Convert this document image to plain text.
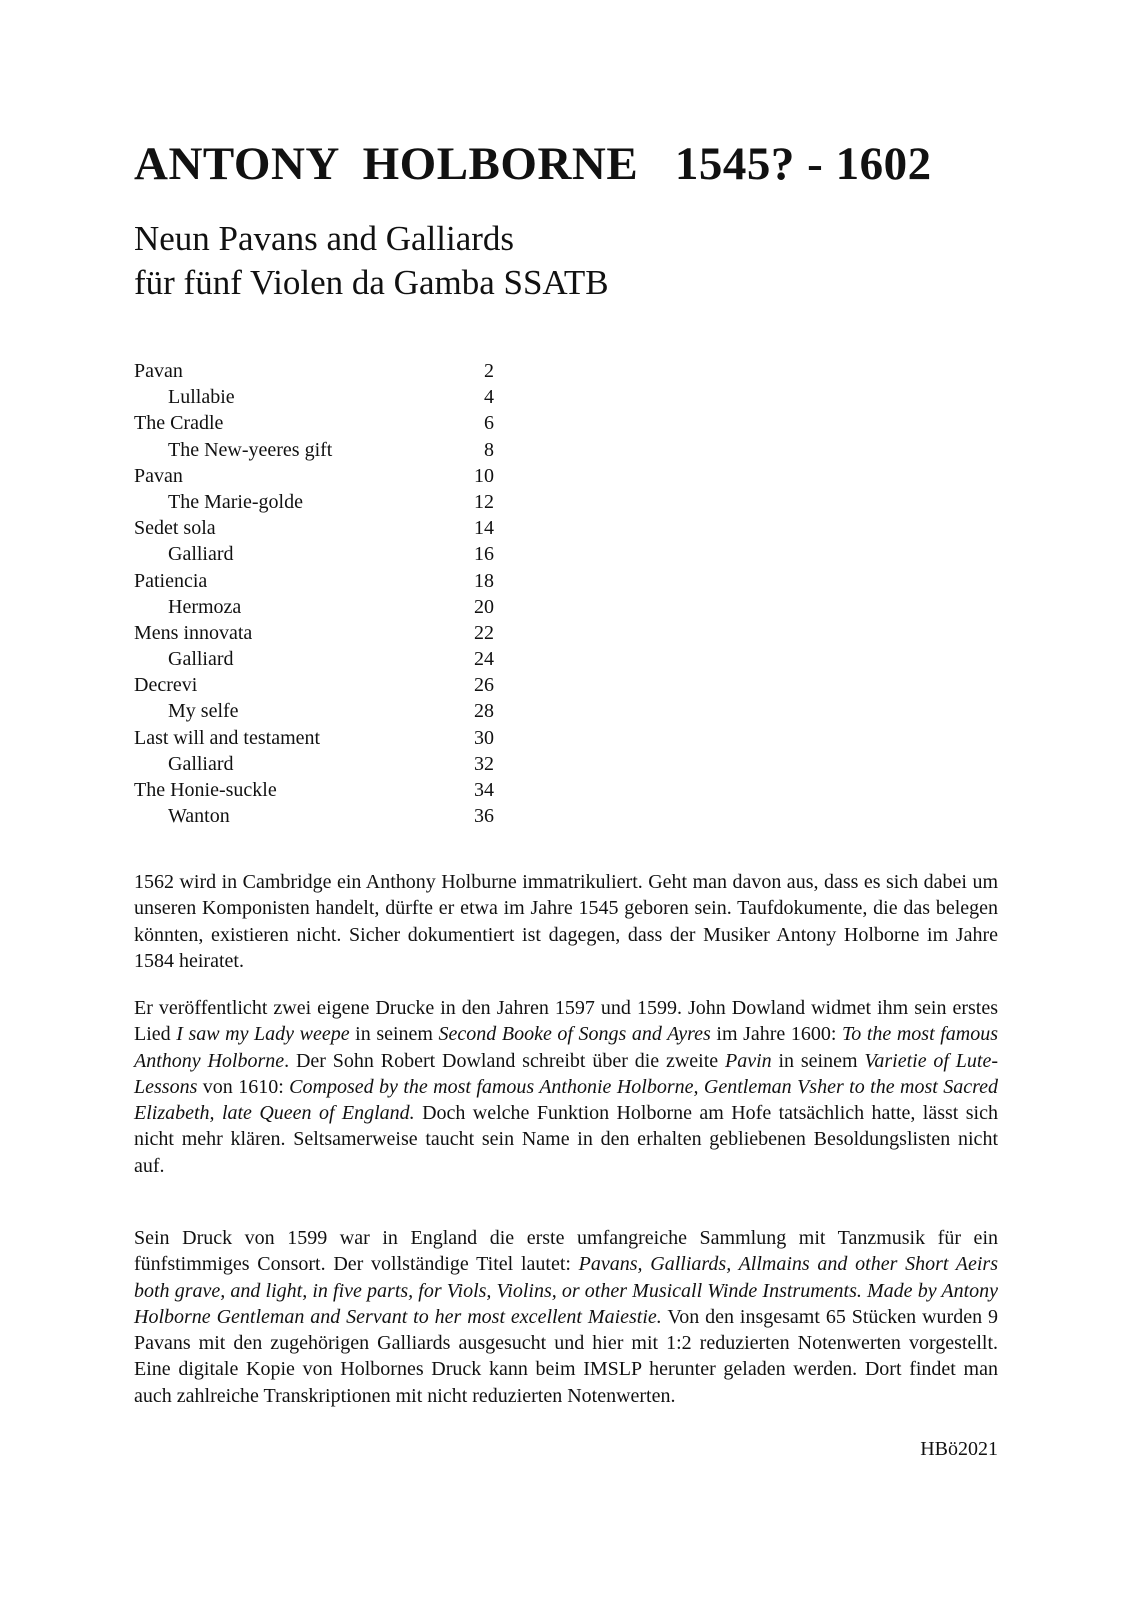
ANTONY  HOLBORNE   1545? - 1602
Neun Pavans and Galliards
für fünf Violen da Gamba SSATB
Pavan	2
Lullabie	4
The Cradle	6
The New-yeeres gift	8
Pavan	10
The Marie-golde	12
Sedet sola	14
Galliard	16
Patiencia	18
Hermoza	20
Mens innovata	22
Galliard	24
Decrevi	26
My selfe	28
Last will and testament	30
Galliard	32
The Honie-suckle	34
Wanton	36

1562 wird in Cambridge ein Anthony Holburne immatrikuliert. Geht man davon aus, dass es sich dabei um unseren Komponisten handelt, dürfte er etwa im Jahre 1545 geboren sein. Taufdokumente, die das belegen könnten, existieren nicht. Sicher dokumentiert ist dagegen, dass der Musiker Antony Holborne im Jahre 1584 heiratet.

Er veröffentlicht zwei eigene Drucke in den Jahren 1597 und 1599. John Dowland widmet ihm sein erstes Lied I saw my Lady weepe in seinem Second Booke of Songs and Ayres im Jahre 1600: To the most famous Anthony Holborne. Der Sohn Robert Dowland schreibt über die zweite Pavin in seinem Varietie of Lute-Lessons von 1610: Composed by the most famous Anthonie Holborne, Gentleman Vsher to the most Sacred Elizabeth, late Queen of England. Doch welche Funktion Holborne am Hofe tatsächlich hatte, lässt sich nicht mehr klären. Seltsamerweise taucht sein Name in den erhalten gebliebenen Besoldungslisten nicht auf.

Sein Druck von 1599 war in England die erste umfangreiche Sammlung mit Tanzmusik für ein fünfstimmiges Consort. Der vollständige Titel lautet: Pavans, Galliards, Allmains and other Short Aeirs both grave, and light, in five parts, for Viols, Violins, or other Musicall Winde Instruments. Made by Antony Holborne Gentleman and Servant to her most excellent Maiestie. Von den insgesamt 65 Stücken wurden 9 Pavans mit den zugehörigen Galliards ausgesucht und hier mit 1:2 reduzierten Notenwerten vorgestellt. Eine digitale Kopie von Holbornes Druck kann beim IMSLP herunter geladen werden. Dort findet man auch zahlreiche Transkriptionen mit nicht reduzierten Notenwerten.

HBö2021
